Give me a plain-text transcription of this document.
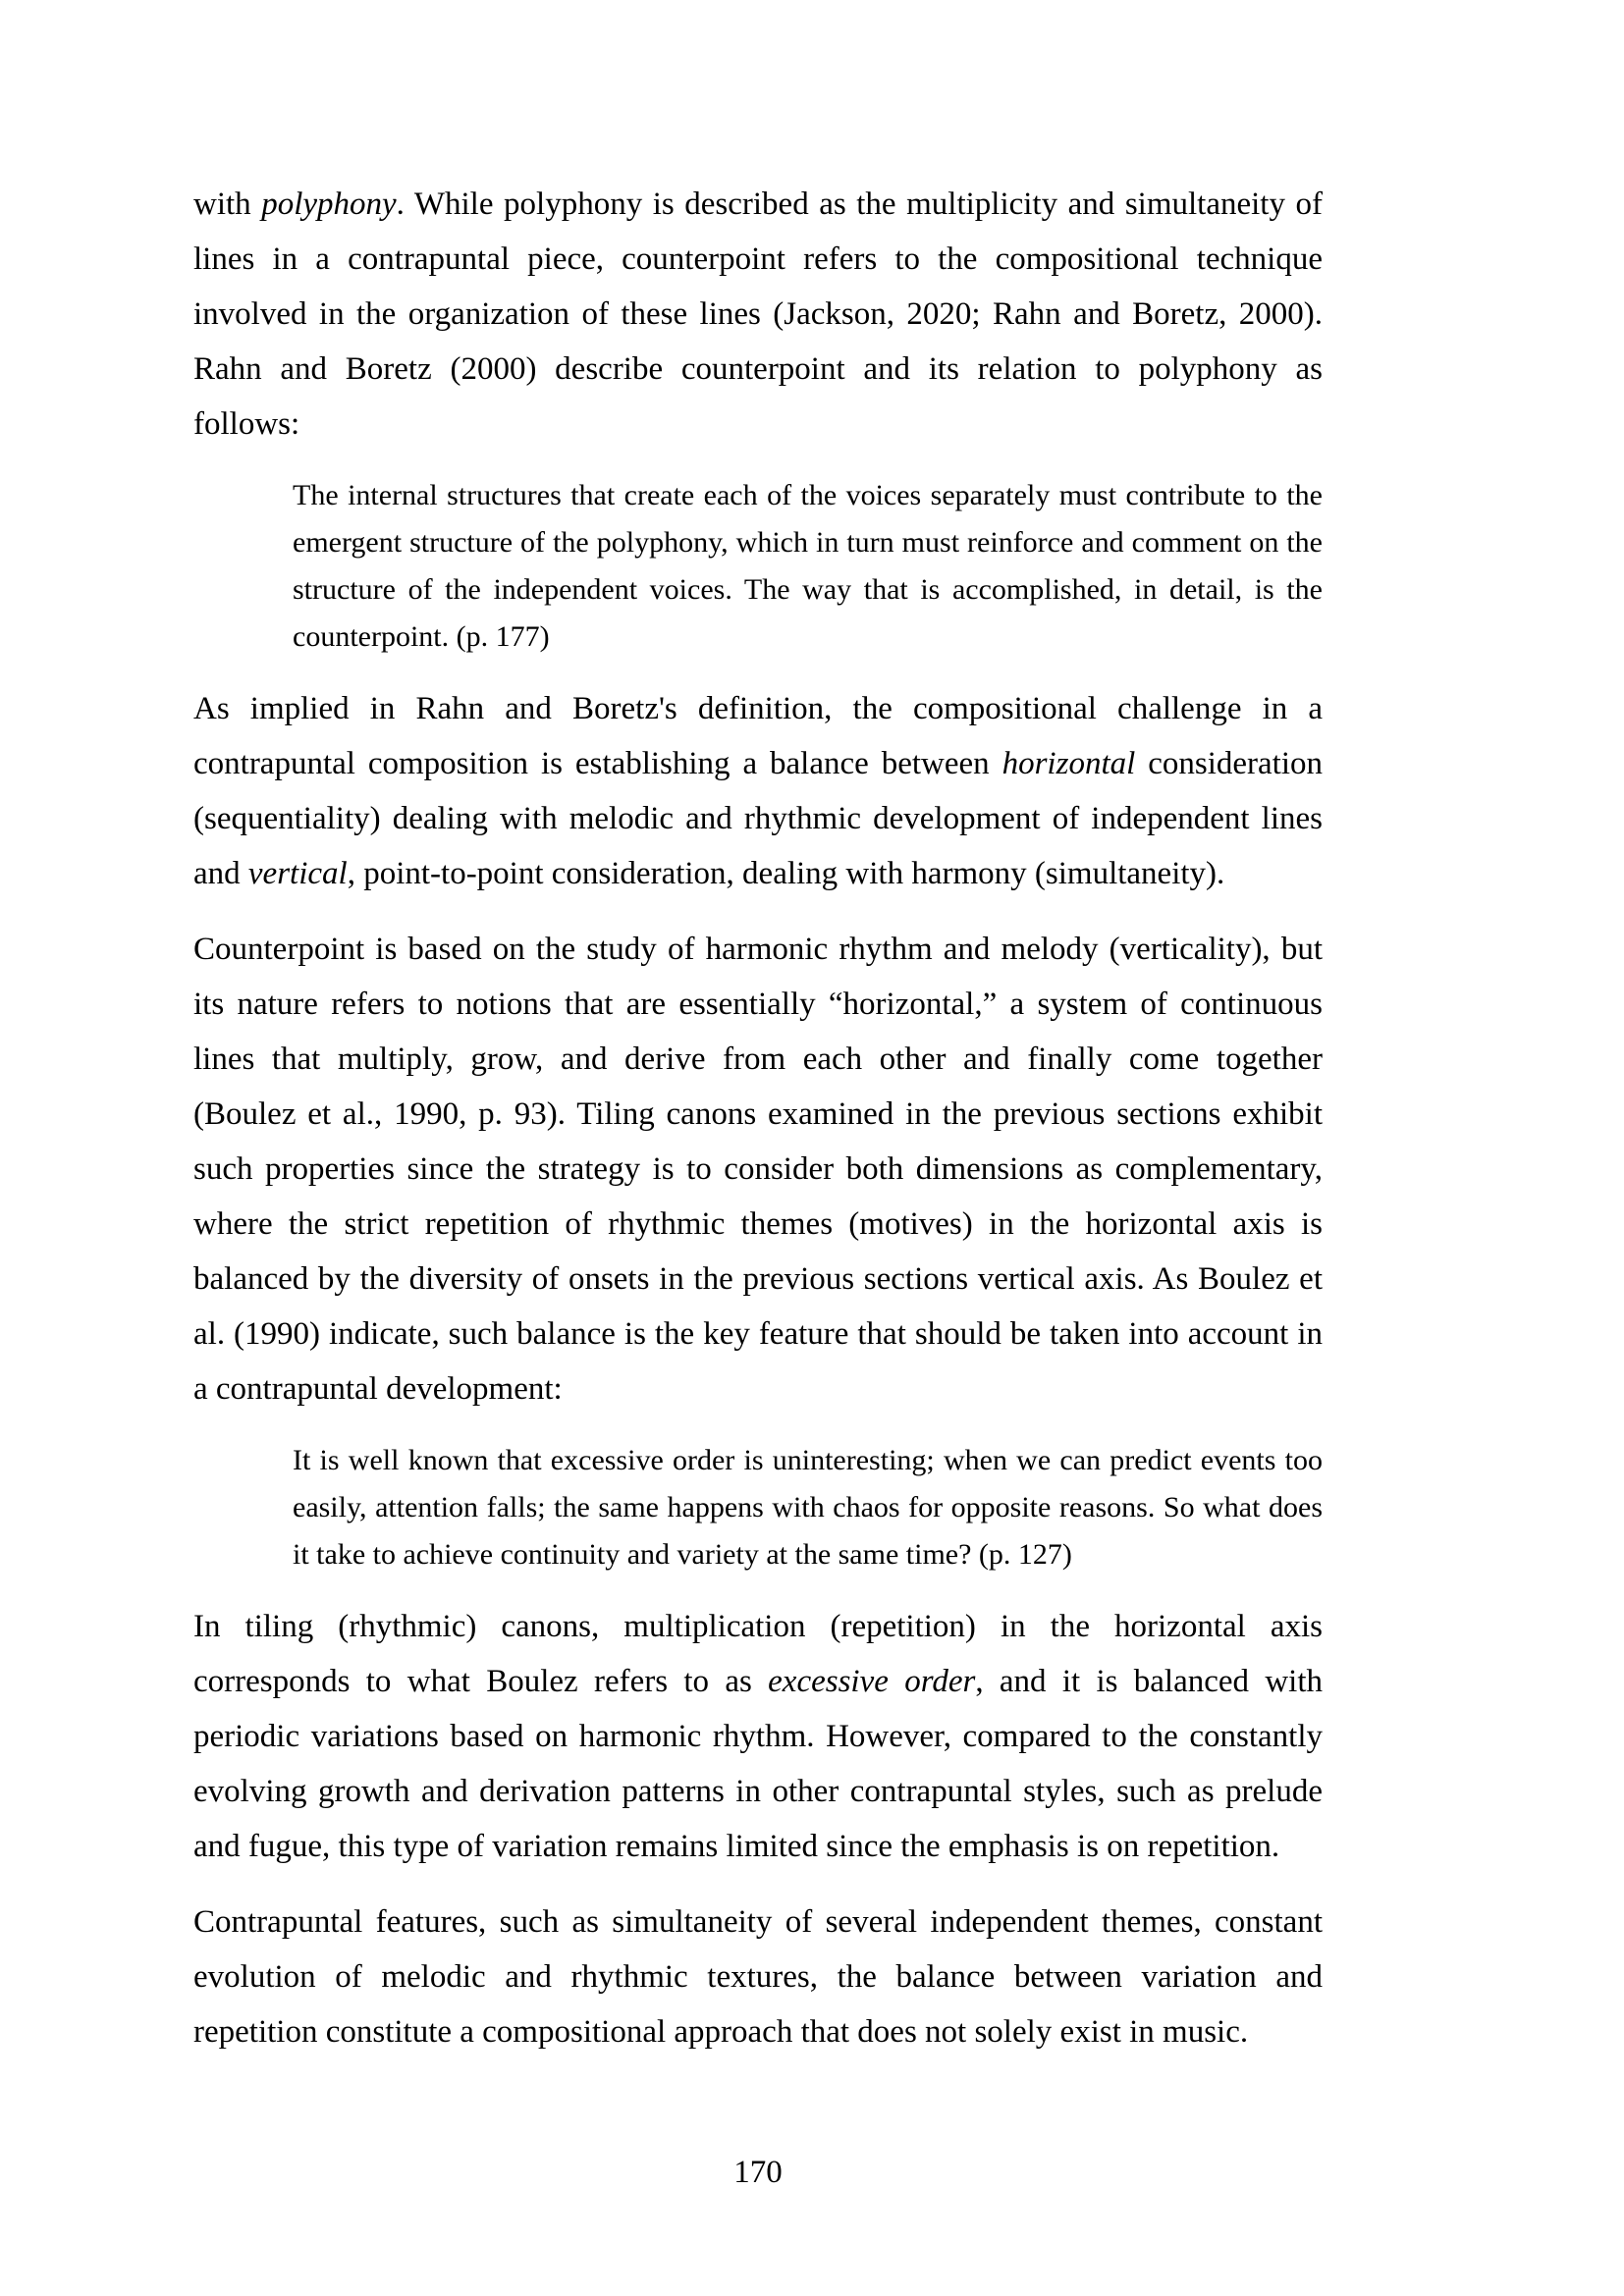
with polyphony. While polyphony is described as the multiplicity and simultaneity of lines in a contrapuntal piece, counterpoint refers to the compositional technique involved in the organization of these lines (Jackson, 2020; Rahn and Boretz, 2000). Rahn and Boretz (2000) describe counterpoint and its relation to polyphony as follows:

The internal structures that create each of the voices separately must contribute to the emergent structure of the polyphony, which in turn must reinforce and comment on the structure of the independent voices. The way that is accomplished, in detail, is the counterpoint. (p. 177)

As implied in Rahn and Boretz's definition, the compositional challenge in a contrapuntal composition is establishing a balance between horizontal consideration (sequentiality) dealing with melodic and rhythmic development of independent lines and vertical, point-to-point consideration, dealing with harmony (simultaneity).

Counterpoint is based on the study of harmonic rhythm and melody (verticality), but its nature refers to notions that are essentially “horizontal,” a system of continuous lines that multiply, grow, and derive from each other and finally come together (Boulez et al., 1990, p. 93). Tiling canons examined in the previous sections exhibit such properties since the strategy is to consider both dimensions as complementary, where the strict repetition of rhythmic themes (motives) in the horizontal axis is balanced by the diversity of onsets in the previous sections vertical axis. As Boulez et al. (1990) indicate, such balance is the key feature that should be taken into account in a contrapuntal development:

It is well known that excessive order is uninteresting; when we can predict events too easily, attention falls; the same happens with chaos for opposite reasons. So what does it take to achieve continuity and variety at the same time? (p. 127)

In tiling (rhythmic) canons, multiplication (repetition) in the horizontal axis corresponds to what Boulez refers to as excessive order, and it is balanced with periodic variations based on harmonic rhythm. However, compared to the constantly evolving growth and derivation patterns in other contrapuntal styles, such as prelude and fugue, this type of variation remains limited since the emphasis is on repetition.

Contrapuntal features, such as simultaneity of several independent themes, constant evolution of melodic and rhythmic textures, the balance between variation and repetition constitute a compositional approach that does not solely exist in music.

170
